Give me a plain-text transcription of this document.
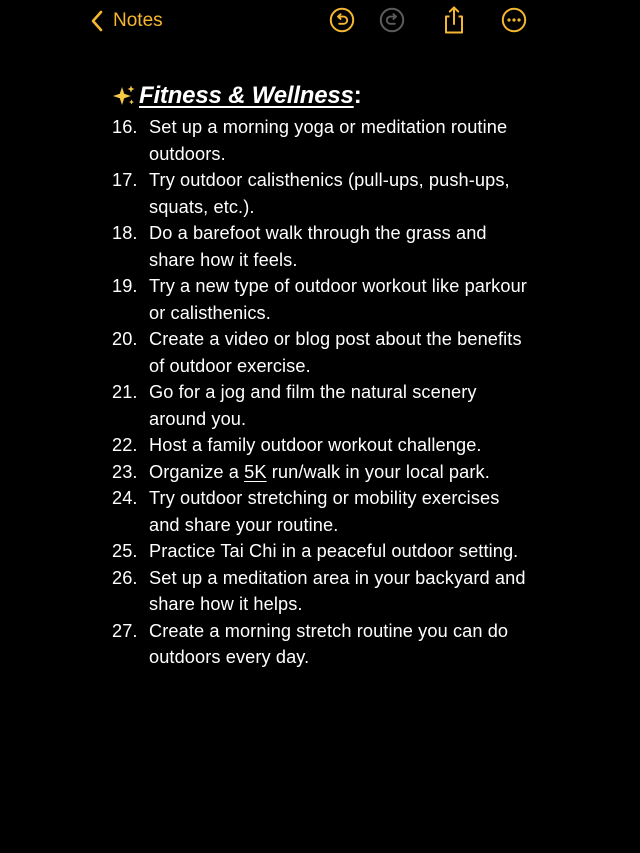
Notes
Fitness & Wellness :
16. Set up a morning yoga or meditation routine outdoors.
17. Try outdoor calisthenics (pull-ups, push-ups, squats, etc.).
18. Do a barefoot walk through the grass and share how it feels.
19. Try a new type of outdoor workout like parkour or calisthenics.
20. Create a video or blog post about the benefits of outdoor exercise.
21. Go for a jog and film the natural scenery around you.
22. Host a family outdoor workout challenge.
23. Organize a 5K run/walk in your local park.
24. Try outdoor stretching or mobility exercises and share your routine.
25. Practice Tai Chi in a peaceful outdoor setting.
26. Set up a meditation area in your backyard and share how it helps.
27. Create a morning stretch routine you can do outdoors every day.
